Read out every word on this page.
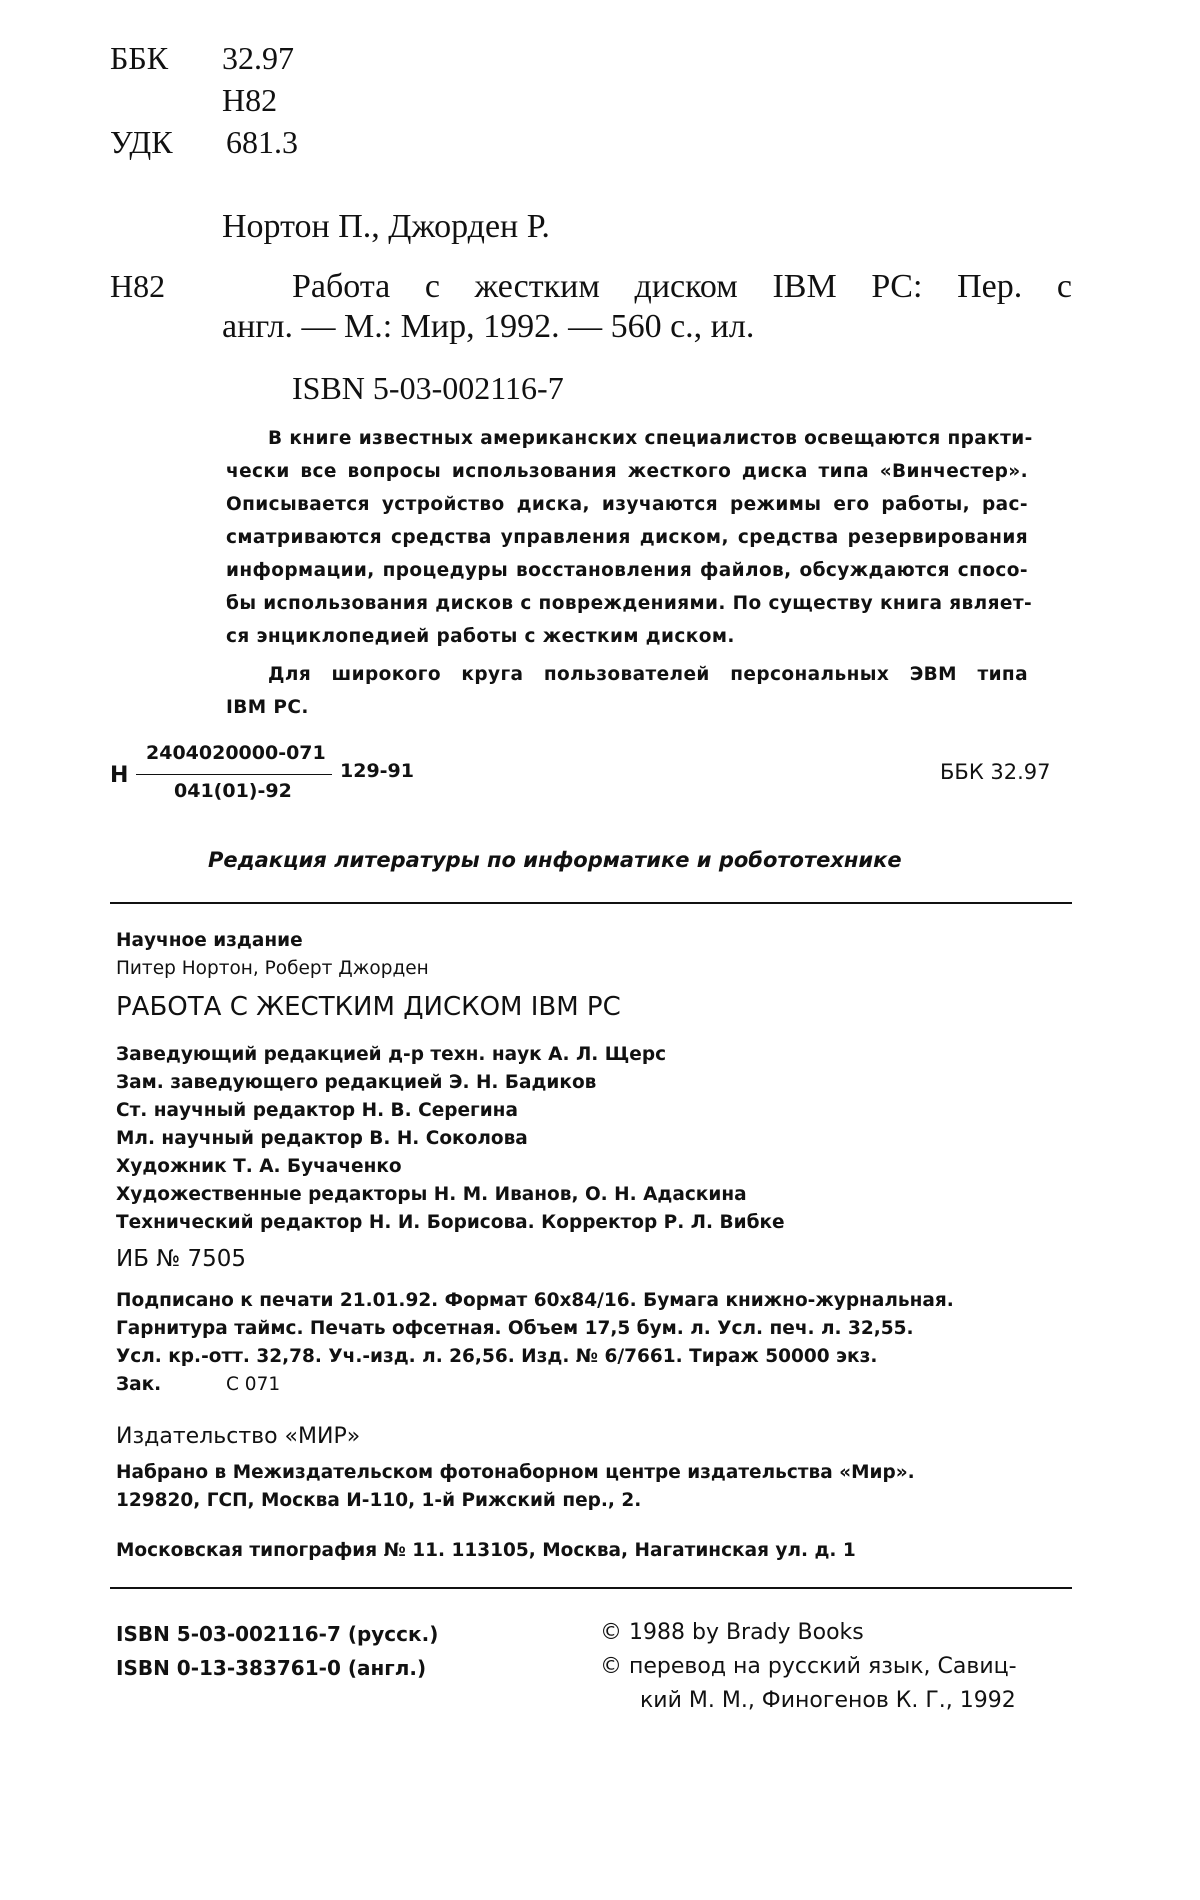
ББК 32.97
Н82
УДК 681.3
Нортон П., Джорден Р.
Н82	Работа с жестким диском IBM PC: Пер. с
англ. — М.: Мир, 1992. — 560 с., ил.
ISBN 5-03-002116-7
В книге известных американских специалистов освещаются практи-
чески все вопросы использования жесткого диска типа «Винчестер».
Описывается устройство диска, изучаются режимы его работы, рас-
сматриваются средства управления диском, средства резервирования
информации, процедуры восстановления файлов, обсуждаются спосо-
бы использования дисков с повреждениями. По существу книга являет-
ся энциклопедией работы с жестким диском.
Для широкого круга пользователей персональных ЭВМ типа
IBM PC.
Н
2404020000-071
041(01)-92
129-91	ББК 32.97
Редакция литературы по информатике и робототехнике
Научное издание
Питер Нортон, Роберт Джорден
РАБОТА С ЖЕСТКИМ ДИСКОМ IBM PC
Заведующий редакцией д-р техн. наук А. Л. Щерс
Зам. заведующего редакцией Э. Н. Бадиков
Ст. научный редактор Н. В. Серегина
Мл. научный редактор В. Н. Соколова
Художник Т. А. Бучаченко
Художественные редакторы Н. М. Иванов, О. Н. Адаскина
Технический редактор Н. И. Борисова. Корректор Р. Л. Вибке
ИБ № 7505
Подписано к печати 21.01.92. Формат 60х84/16. Бумага книжно-журнальная.
Гарнитура таймс. Печать офсетная. Объем 17,5 бум. л. Усл. печ. л. 32,55.
Усл. кр.-отт. 32,78. Уч.-изд. л. 26,56. Изд. № 6/7661. Тираж 50000 экз.
Зак.	С 071
Издательство «МИР»
Набрано в Межиздательском фотонаборном центре издательства «Мир».
129820, ГСП, Москва И-110, 1-й Рижский пер., 2.
Московская типография № 11. 113105, Москва, Нагатинская ул. д. 1
ISBN 5-03-002116-7 (русск.)
ISBN 0-13-383761-0 (англ.)
© 1988 by Brady Books
© перевод на русский язык, Савиц-
кий М. М., Финогенов К. Г., 1992
